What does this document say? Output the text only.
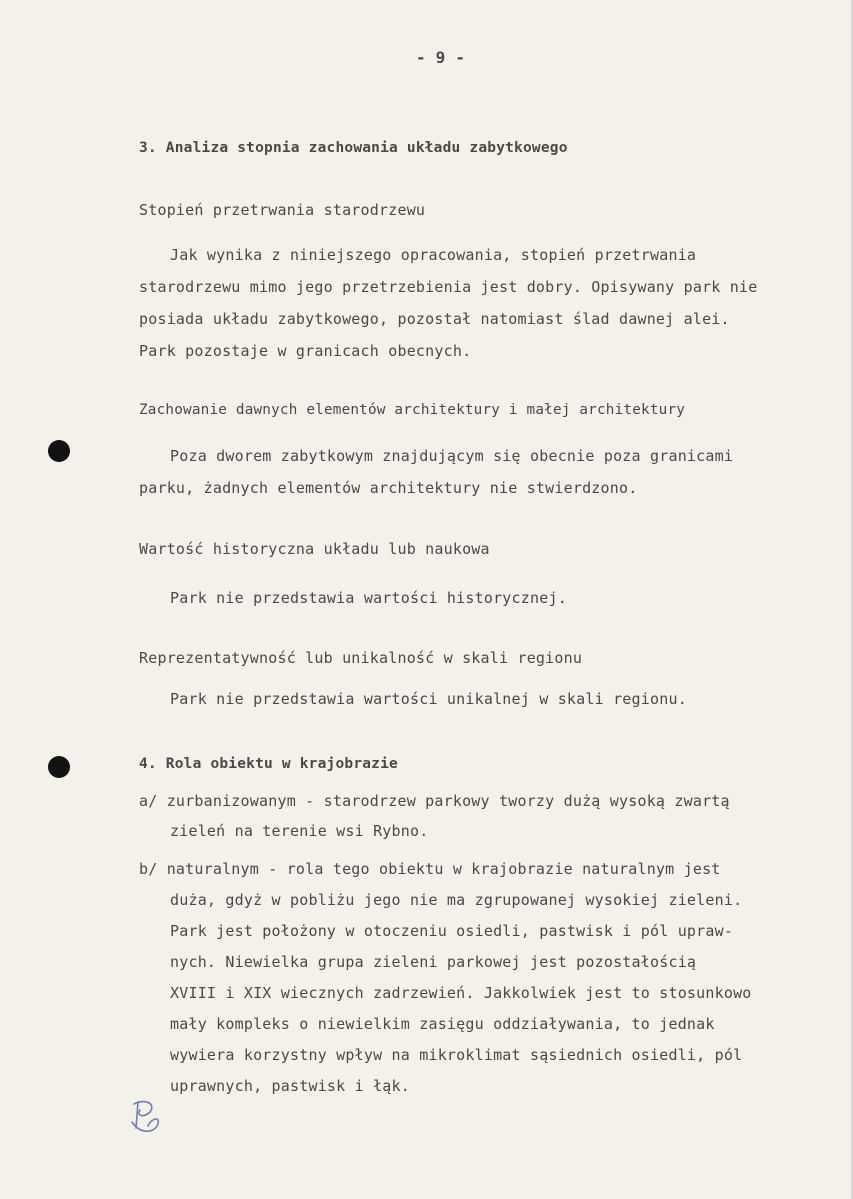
- 9 -
3. Analiza stopnia zachowania układu zabytkowego
Stopień przetrwania starodrzewu
Jak wynika z niniejszego opracowania, stopień przetrwania
starodrzewu mimo jego przetrzebienia jest dobry. Opisywany park nie
posiada układu zabytkowego, pozostał natomiast ślad dawnej alei.
Park pozostaje w granicach obecnych.
Zachowanie dawnych elementów architektury i małej architektury
Poza dworem zabytkowym znajdującym się obecnie poza granicami
parku, żadnych elementów architektury nie stwierdzono.
Wartość historyczna układu lub naukowa
Park nie przedstawia wartości historycznej.
Reprezentatywność lub unikalność w skali regionu
Park nie przedstawia wartości unikalnej w skali regionu.
4. Rola obiektu w krajobrazie
a/ zurbanizowanym - starodrzew parkowy tworzy dużą wysoką zwartą
zieleń na terenie wsi Rybno.
b/ naturalnym - rola tego obiektu w krajobrazie naturalnym jest
duża, gdyż w pobliżu jego nie ma zgrupowanej wysokiej zieleni.
Park jest położony w otoczeniu osiedli, pastwisk i pól upraw-
nych. Niewielka grupa zieleni parkowej jest pozostałością
XVIII i XIX wiecznych zadrzewień. Jakkolwiek jest to stosunkowo
mały kompleks o niewielkim zasięgu oddziaływania, to jednak
wywiera korzystny wpływ na mikroklimat sąsiednich osiedli, pól
uprawnych, pastwisk i łąk.
